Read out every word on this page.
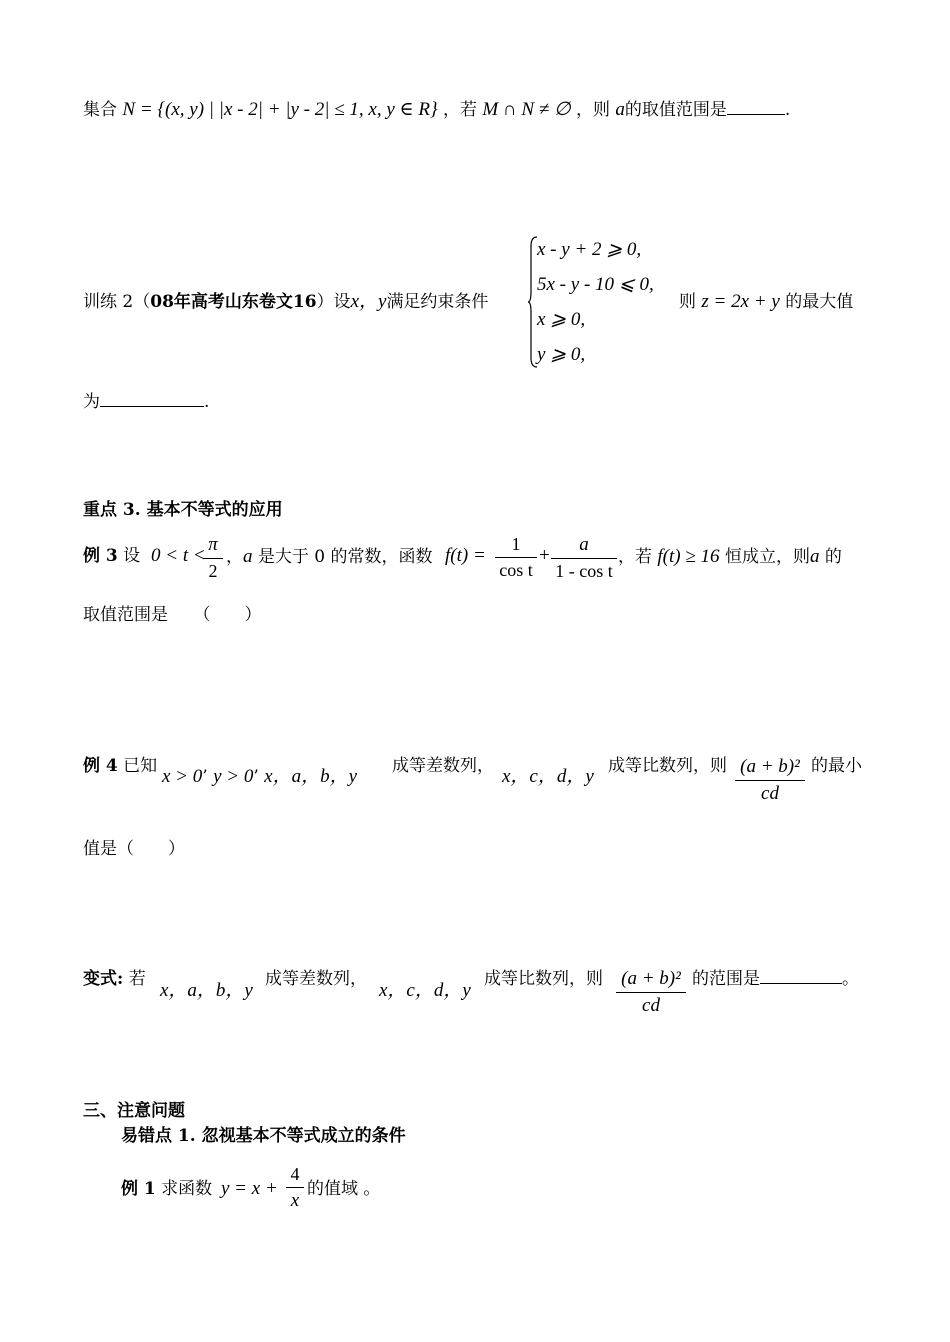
集合 N = {(x, y) | |x - 2| + |y - 2| ≤ 1, x, y ∈ R} ，若 M ∩ N ≠ ∅ ，则 a的取值范围是	.
训练 2（08年高考山东卷文16）设x，y满足约束条件
x - y + 2 ⩾ 0,
5x - y - 10 ⩽ 0,
x ⩾ 0,
y ⩾ 0,
则 z = 2x + y 的最大值
为	.
重点 3. 基本不等式的应用
例 3 设 0 < t <
π
2
，a 是大于 0 的常数，函数 f(t) =
1
cos t
+
a
1 - cos t
，若 f(t) ≥ 16 恒成立，则a 的
取值范围是　　（　　）
例 4 已知 x > 0’ y > 0’ x，a，b，y 成等差数列， x，c，d，y 成等比数列，则 (a + b)²
cd
的最小
值是（　　）
变式: 若
x，a，b，y
成等差数列，
x，c，d，y
成等比数列，则 (a + b)²
cd
的范围是	。
三、注意问题
易错点 1. 忽视基本不等式成立的条件
例 1 求函数 y = x +
4
x
的值域 。
